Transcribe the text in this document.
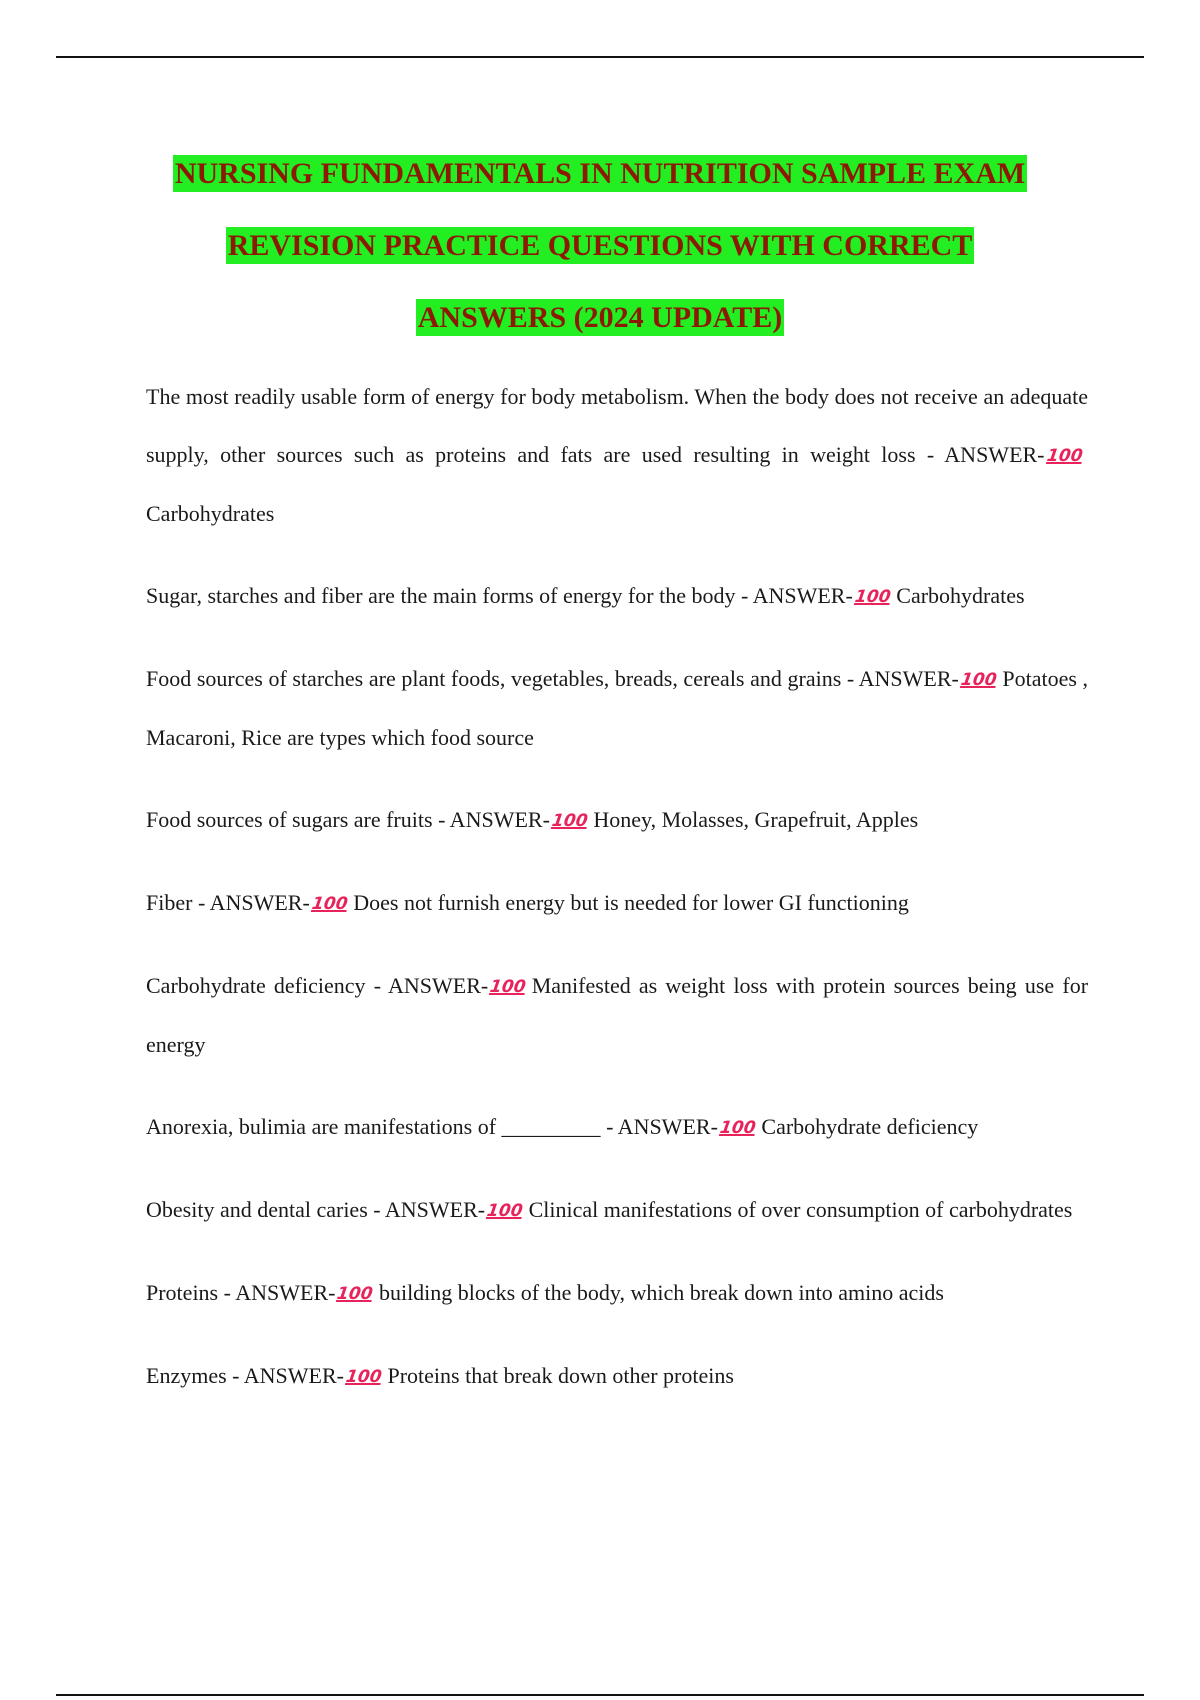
NURSING FUNDAMENTALS IN NUTRITION SAMPLE EXAM
REVISION PRACTICE QUESTIONS WITH CORRECT
ANSWERS (2024 UPDATE)

The most readily usable form of energy for body metabolism. When the body does not receive an adequate supply, other sources such as proteins and fats are used resulting in weight loss - ANSWER-100Carbohydrates

Sugar, starches and fiber are the main forms of energy for the body - ANSWER-100 Carbohydrates

Food sources of starches are plant foods, vegetables, breads, cereals and grains - ANSWER-100 Potatoes , Macaroni, Rice are types which food source

Food sources of sugars are fruits - ANSWER-100 Honey, Molasses, Grapefruit, Apples

Fiber - ANSWER-100 Does not furnish energy but is needed for lower GI functioning

Carbohydrate deficiency - ANSWER-100 Manifested as weight loss with protein sources being use for energy

Anorexia, bulimia are manifestations of _________ - ANSWER-100 Carbohydrate deficiency

Obesity and dental caries - ANSWER-100 Clinical manifestations of over consumption of carbohydrates

Proteins - ANSWER-100 building blocks of the body, which break down into amino acids

Enzymes - ANSWER-100 Proteins that break down other proteins
